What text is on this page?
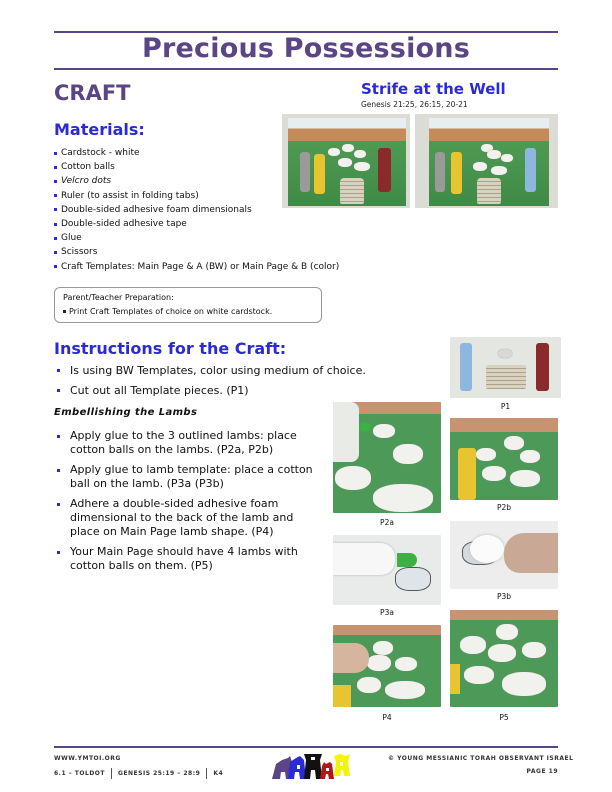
Precious Possessions
CRAFT	Strife at the Well
Genesis 21:25, 26:15, 20-21
Materials:
Cardstock - white
Cotton balls
Velcro dots
Ruler (to assist in folding tabs)
Double-sided adhesive foam dimensionals
Double-sided adhesive tape
Glue
Scissors
Craft Templates: Main Page & A (BW) or Main Page & B (color)
Parent/Teacher Preparation:
Print Craft Templates of choice on white cardstock.
Instructions for the Craft:
Is using BW Templates, color using medium of choice.
Cut out all Template pieces. (P1)
Embellishing the Lambs
Apply glue to the 3 outlined lambs: place cotton balls on the lambs. (P2a, P2b)
Apply glue to lamb template: place a cotton ball on the lamb. (P3a (P3b)
Adhere a double-sided adhesive foam dimensional to the back of the lamb and place on Main Page lamb shape. (P4)
Your Main Page should have 4 lambs with cotton balls on them. (P5)
P1
P2a
P2b
P3a
P3b
P4	P5
WWW.YMTOI.ORG
6.1 – TOLDOT GENESIS 25:19 – 28:9 K4
© YOUNG MESSIANIC TORAH OBSERVANT ISRAEL
PAGE 19
